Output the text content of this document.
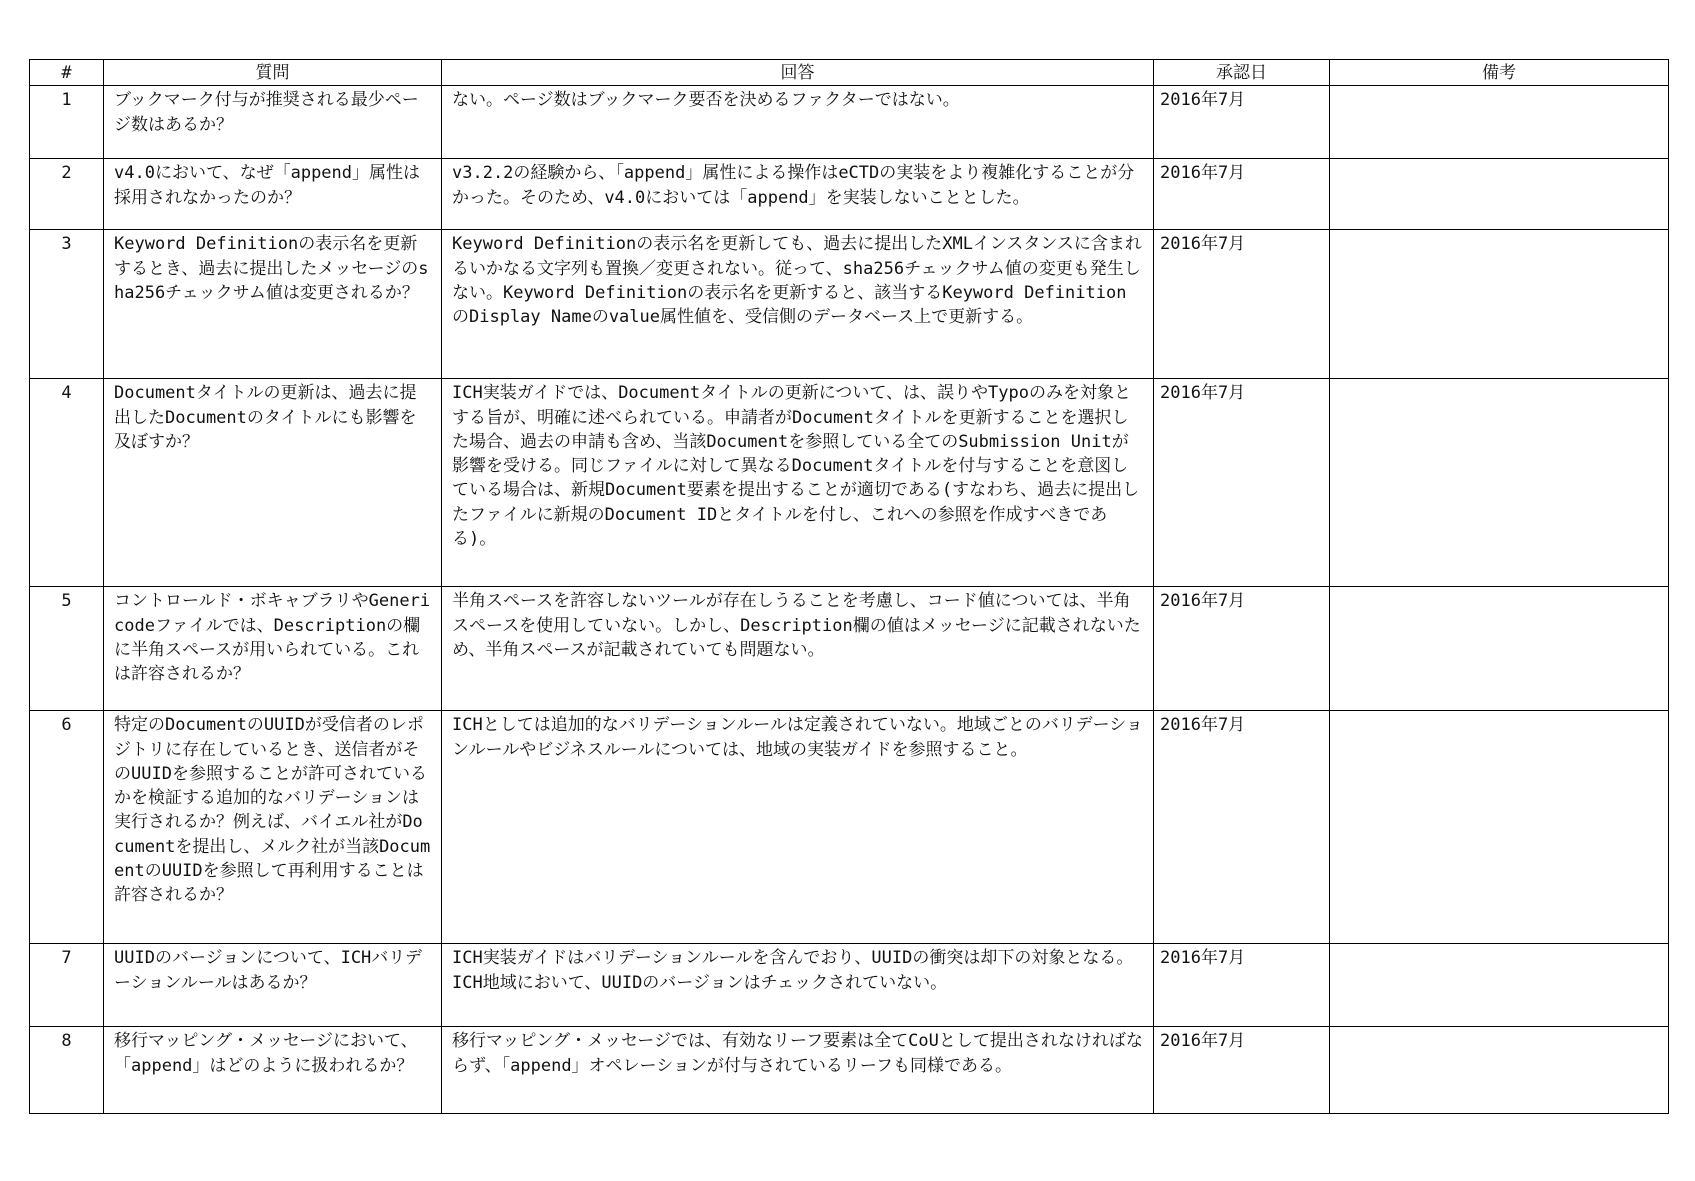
#	質問	回答	承認日	備考
1	ブックマーク付与が推奨される最少ページ数はあるか？	ない。ページ数はブックマーク要否を決めるファクターではない。	2016年7月	
2	v4.0において、なぜ「append」属性は採用されなかったのか？	v3.2.2の経験から、「append」属性による操作はeCTDの実装をより複雑化することが分かった。そのため、v4.0においては「append」を実装しないこととした。	2016年7月	
3	Keyword Definitionの表示名を更新するとき、過去に提出したメッセージのsha256チェックサム値は変更されるか？	Keyword Definitionの表示名を更新しても、過去に提出したXMLインスタンスに含まれるいかなる文字列も置換／変更されない。従って、sha256チェックサム値の変更も発生しない。Keyword Definitionの表示名を更新すると、該当するKeyword DefinitionのDisplay Nameのvalue属性値を、受信側のデータベース上で更新する。	2016年7月	
4	Documentタイトルの更新は、過去に提出したDocumentのタイトルにも影響を及ぼすか？	ICH実装ガイドでは、Documentタイトルの更新について、は、誤りやTypoのみを対象とする旨が、明確に述べられている。申請者がDocumentタイトルを更新することを選択した場合、過去の申請も含め、当該Documentを参照している全てのSubmission Unitが影響を受ける。同じファイルに対して異なるDocumentタイトルを付与することを意図している場合は、新規Document要素を提出することが適切である(すなわち、過去に提出したファイルに新規のDocument IDとタイトルを付し、これへの参照を作成すべきである)。	2016年7月	
5	コントロールド・ボキャブラリやGenericodeファイルでは、Descriptionの欄に半角スペースが用いられている。これは許容されるか？	半角スペースを許容しないツールが存在しうることを考慮し、コード値については、半角スペースを使用していない。しかし、Description欄の値はメッセージに記載されないため、半角スペースが記載されていても問題ない。	2016年7月	
6	特定のDocumentのUUIDが受信者のレポジトリに存在しているとき、送信者がそのUUIDを参照することが許可されているかを検証する追加的なバリデーションは実行されるか？例えば、バイエル社がDocumentを提出し、メルク社が当該DocumentのUUIDを参照して再利用することは許容されるか？	ICHとしては追加的なバリデーションルールは定義されていない。地域ごとのバリデーションルールやビジネスルールについては、地域の実装ガイドを参照すること。	2016年7月	
7	UUIDのバージョンについて、ICHバリデーションルールはあるか？	ICH実装ガイドはバリデーションルールを含んでおり、UUIDの衝突は却下の対象となる。ICH地域において、UUIDのバージョンはチェックされていない。	2016年7月	
8	移行マッピング・メッセージにおいて、「append」はどのように扱われるか？	移行マッピング・メッセージでは、有効なリーフ要素は全てCoUとして提出されなければならず、「append」オペレーションが付与されているリーフも同様である。	2016年7月	
